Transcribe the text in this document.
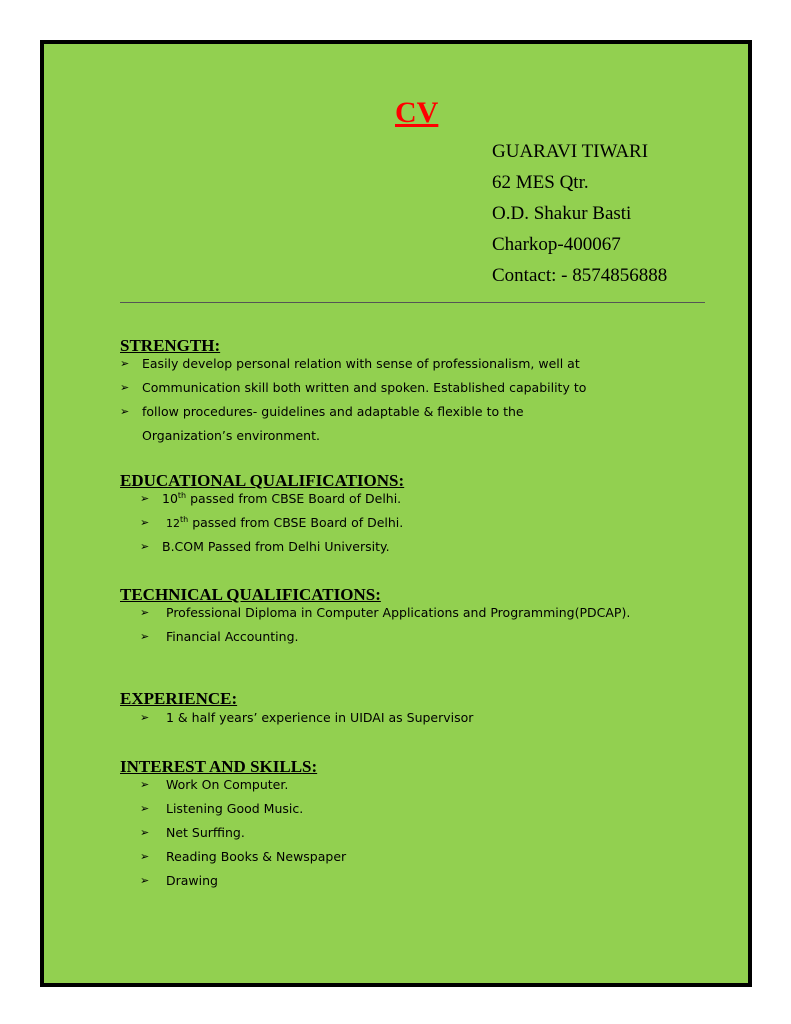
CV
GUARAVI TIWARI
62 MES Qtr.
O.D. Shakur Basti
Charkop-400067
Contact: - 8574856888
STRENGTH:
➢ Easily develop personal relation with sense of professionalism, well at
➢ Communication skill both written and spoken. Established capability to
➢ follow procedures- guidelines and adaptable & flexible to the
Organization’s environment.
EDUCATIONAL QUALIFICATIONS:
➢ 10th passed from CBSE Board of Delhi.
➢ 12th passed from CBSE Board of Delhi.
➢ B.COM Passed from Delhi University.
TECHNICAL QUALIFICATIONS:
➢ Professional Diploma in Computer Applications and Programming(PDCAP).
➢ Financial Accounting.
EXPERIENCE:
➢ 1 & half years’ experience in UIDAI as Supervisor
INTEREST AND SKILLS:
➢ Work On Computer.
➢ Listening Good Music.
➢ Net Surffing.
➢ Reading Books & Newspaper
➢ Drawing
